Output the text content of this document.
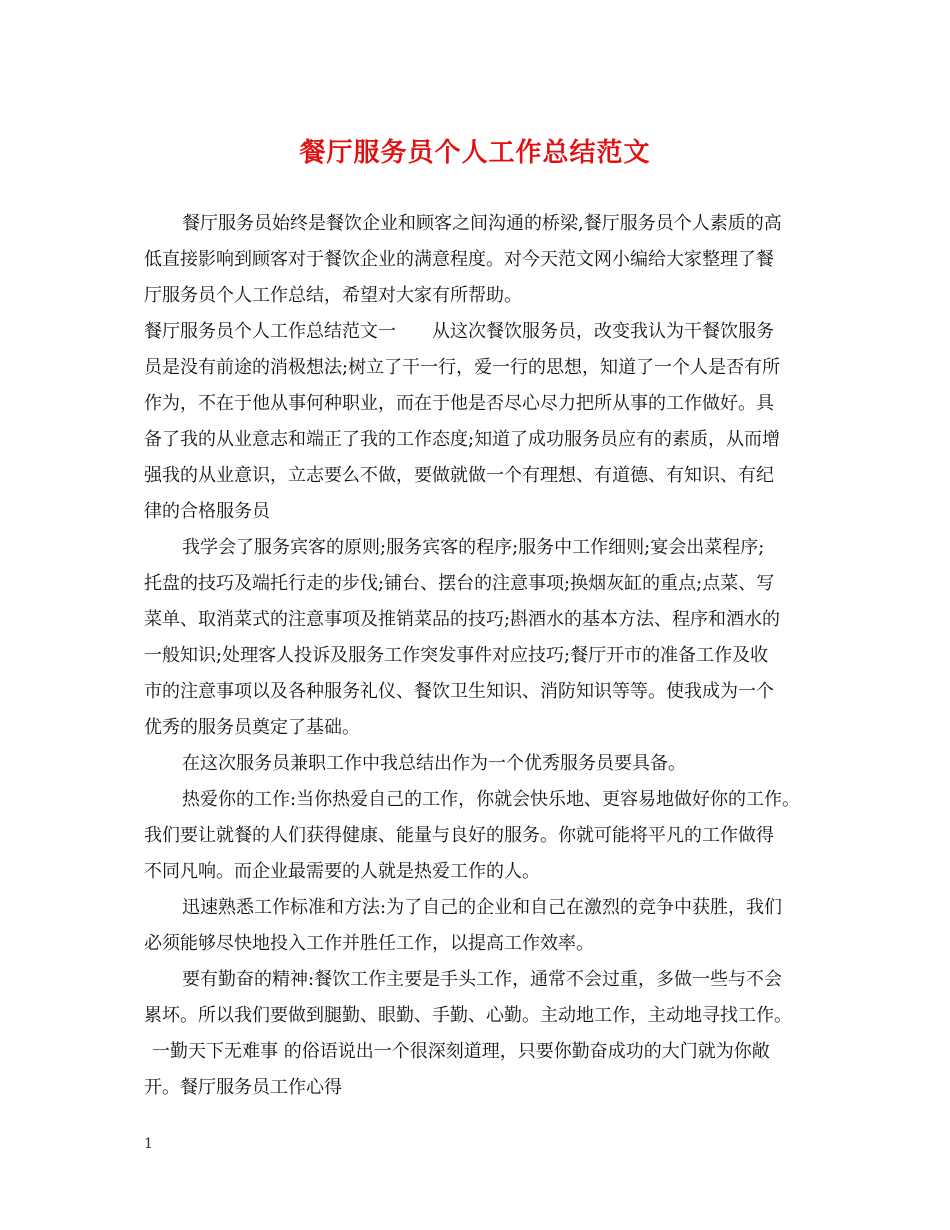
餐厅服务员个人工作总结范文
餐厅服务员始终是餐饮企业和顾客之间沟通的桥梁,餐厅服务员个人素质的高
低直接影响到顾客对于餐饮企业的满意程度。对今天范文网小编给大家整理了餐
厅服务员个人工作总结，希望对大家有所帮助。
餐厅服务员个人工作总结范文一　　从这次餐饮服务员，改变我认为干餐饮服务
员是没有前途的消极想法;树立了干一行，爱一行的思想，知道了一个人是否有所
作为，不在于他从事何种职业，而在于他是否尽心尽力把所从事的工作做好。具
备了我的从业意志和端正了我的工作态度;知道了成功服务员应有的素质，从而增
强我的从业意识，立志要么不做，要做就做一个有理想、有道德、有知识、有纪
律的合格服务员
我学会了服务宾客的原则;服务宾客的程序;服务中工作细则;宴会出菜程序;
托盘的技巧及端托行走的步伐;铺台、摆台的注意事项;换烟灰缸的重点;点菜、写
菜单、取消菜式的注意事项及推销菜品的技巧;斟酒水的基本方法、程序和酒水的
一般知识;处理客人投诉及服务工作突发事件对应技巧;餐厅开市的准备工作及收
市的注意事项以及各种服务礼仪、餐饮卫生知识、消防知识等等。使我成为一个
优秀的服务员奠定了基础。
在这次服务员兼职工作中我总结出作为一个优秀服务员要具备。
热爱你的工作:当你热爱自己的工作，你就会快乐地、更容易地做好你的工作。
我们要让就餐的人们获得健康、能量与良好的服务。你就可能将平凡的工作做得
不同凡响。而企业最需要的人就是热爱工作的人。
迅速熟悉工作标准和方法:为了自己的企业和自己在激烈的竞争中获胜，我们
必须能够尽快地投入工作并胜任工作，以提高工作效率。
要有勤奋的精神:餐饮工作主要是手头工作，通常不会过重，多做一些与不会
累坏。所以我们要做到腿勤、眼勤、手勤、心勤。主动地工作，主动地寻找工作。
一勤天下无难事 的俗语说出一个很深刻道理，只要你勤奋成功的大门就为你敞
开。餐厅服务员工作心得
1
